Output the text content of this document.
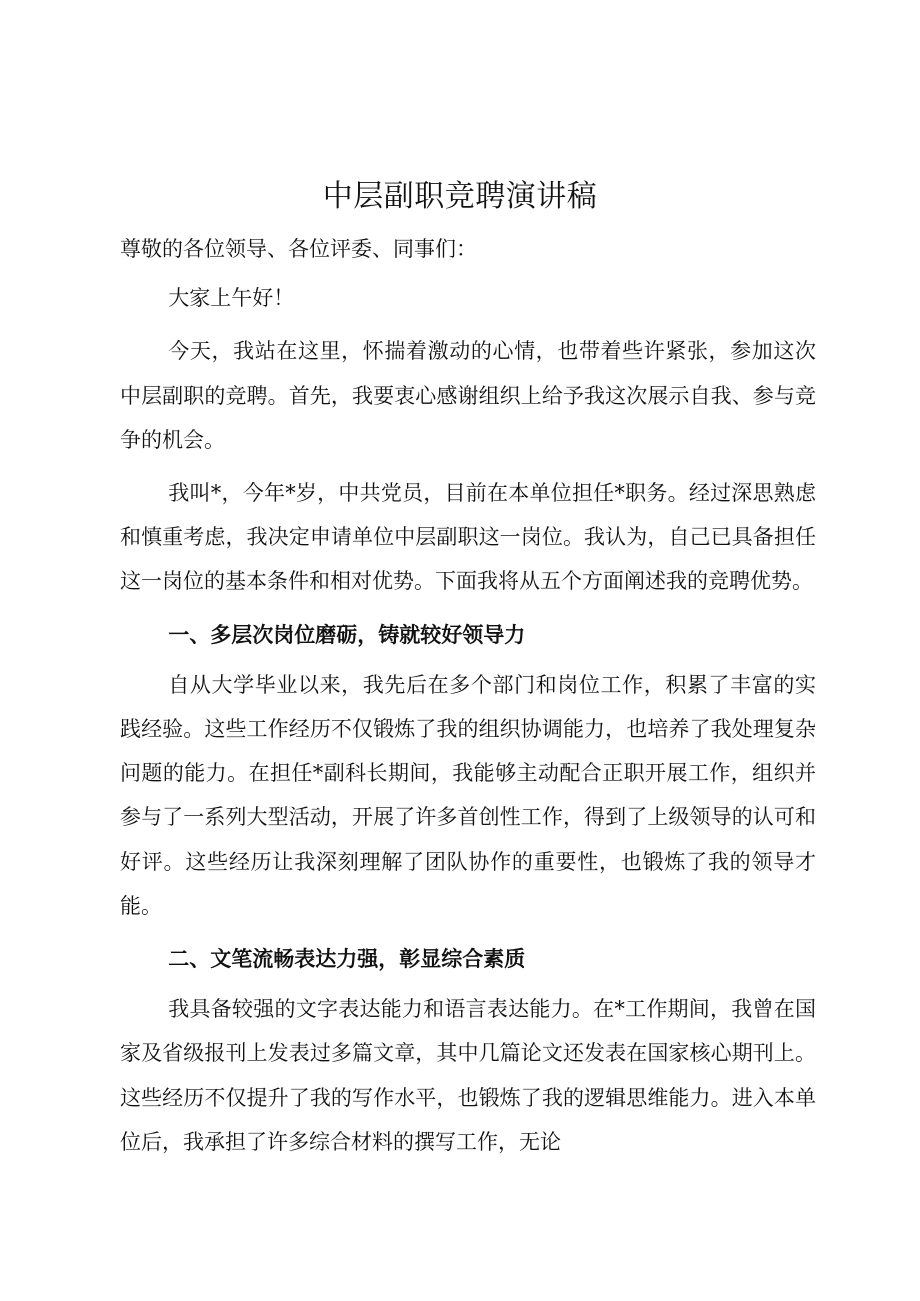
中层副职竞聘演讲稿

尊敬的各位领导、各位评委、同事们：

大家上午好！

今天，我站在这里，怀揣着激动的心情，也带着些许紧张，参加这次中层副职的竞聘。首先，我要衷心感谢组织上给予我这次展示自我、参与竞争的机会。

我叫*，今年*岁，中共党员，目前在本单位担任*职务。经过深思熟虑和慎重考虑，我决定申请单位中层副职这一岗位。我认为，自己已具备担任这一岗位的基本条件和相对优势。下面我将从五个方面阐述我的竞聘优势。

一、多层次岗位磨砺，铸就较好领导力

自从大学毕业以来，我先后在多个部门和岗位工作，积累了丰富的实践经验。这些工作经历不仅锻炼了我的组织协调能力，也培养了我处理复杂问题的能力。在担任*副科长期间，我能够主动配合正职开展工作，组织并参与了一系列大型活动，开展了许多首创性工作，得到了上级领导的认可和好评。这些经历让我深刻理解了团队协作的重要性，也锻炼了我的领导才能。

二、文笔流畅表达力强，彰显综合素质

我具备较强的文字表达能力和语言表达能力。在*工作期间，我曾在国家及省级报刊上发表过多篇文章，其中几篇论文还发表在国家核心期刊上。这些经历不仅提升了我的写作水平，也锻炼了我的逻辑思维能力。进入本单位后，我承担了许多综合材料的撰写工作，无论
